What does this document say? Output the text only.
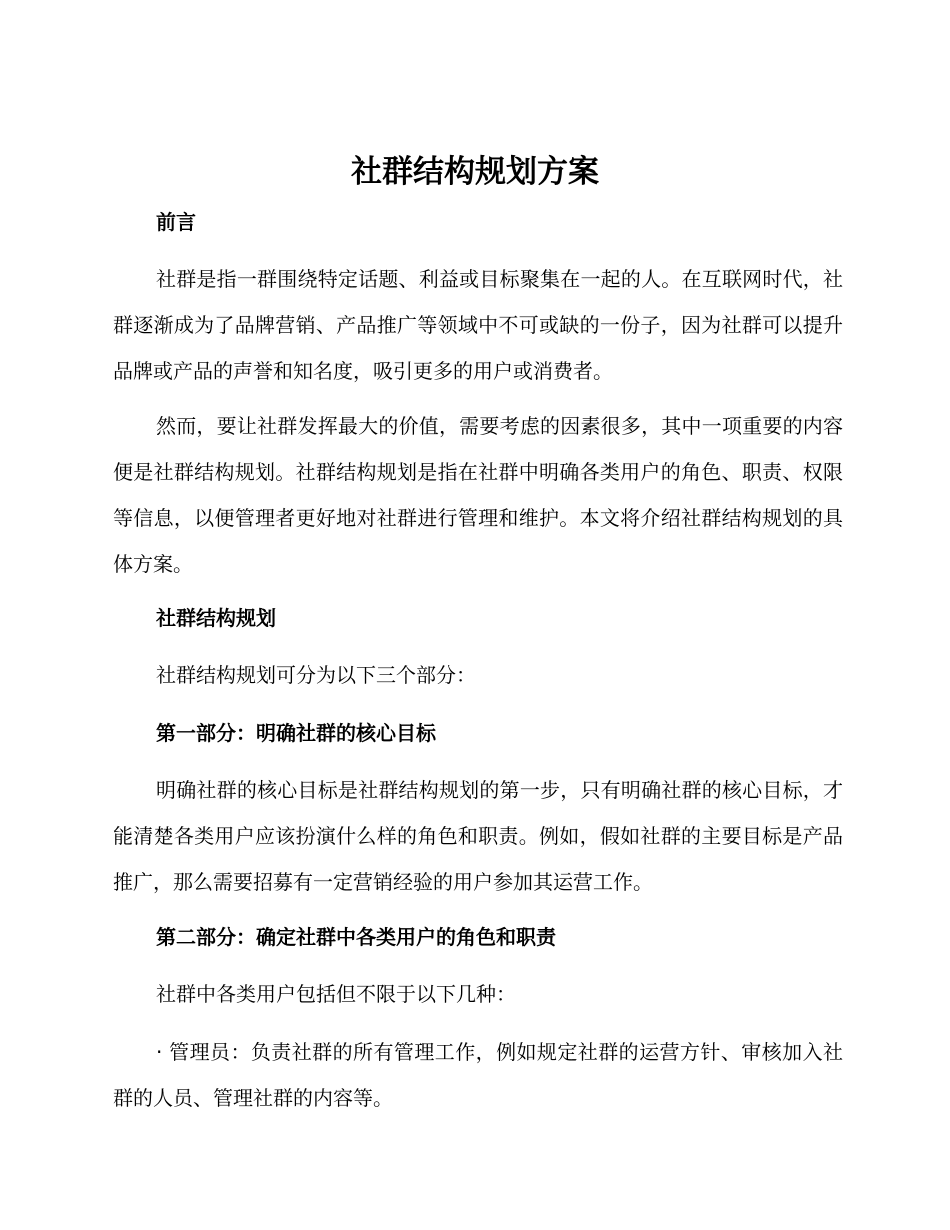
社群结构规划方案
前言
社群是指一群围绕特定话题、利益或目标聚集在一起的人。在互联网时代，社群逐渐成为了品牌营销、产品推广等领域中不可或缺的一份子，因为社群可以提升品牌或产品的声誉和知名度，吸引更多的用户或消费者。
然而，要让社群发挥最大的价值，需要考虑的因素很多，其中一项重要的内容便是社群结构规划。社群结构规划是指在社群中明确各类用户的角色、职责、权限等信息，以便管理者更好地对社群进行管理和维护。本文将介绍社群结构规划的具体方案。
社群结构规划
社群结构规划可分为以下三个部分：
第一部分：明确社群的核心目标
明确社群的核心目标是社群结构规划的第一步，只有明确社群的核心目标，才能清楚各类用户应该扮演什么样的角色和职责。例如，假如社群的主要目标是产品推广，那么需要招募有一定营销经验的用户参加其运营工作。
第二部分：确定社群中各类用户的角色和职责
社群中各类用户包括但不限于以下几种：
· 管理员：负责社群的所有管理工作，例如规定社群的运营方针、审核加入社群的人员、管理社群的内容等。
